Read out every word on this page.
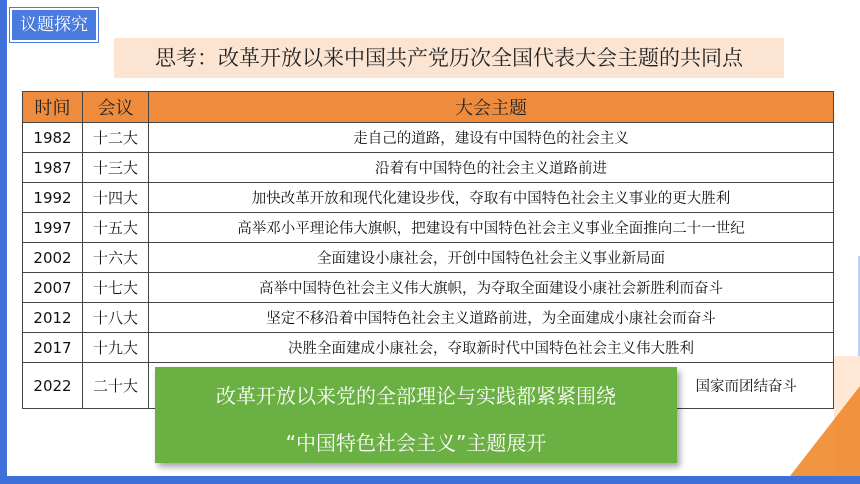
议题探究
思考：改革开放以来中国共产党历次全国代表大会主题的共同点
时间	会议	大会主题
1982	十二大	走自己的道路，建设有中国特色的社会主义
1987	十三大	沿着有中国特色的社会主义道路前进
1992	十四大	加快改革开放和现代化建设步伐，夺取有中国特色社会主义事业的更大胜利
1997	十五大	高举邓小平理论伟大旗帜，把建设有中国特色社会主义事业全面推向二十一世纪
2002	十六大	全面建设小康社会，开创中国特色社会主义事业新局面
2007	十七大	高举中国特色社会主义伟大旗帜，为夺取全面建设小康社会新胜利而奋斗
2012	十八大	坚定不移沿着中国特色社会主义道路前进，为全面建成小康社会而奋斗
2017	十九大	决胜全面建成小康社会，夺取新时代中国特色社会主义伟大胜利
2022	二十大	国家而团结奋斗
改革开放以来党的全部理论与实践都紧紧围绕
“中国特色社会主义”主题展开
